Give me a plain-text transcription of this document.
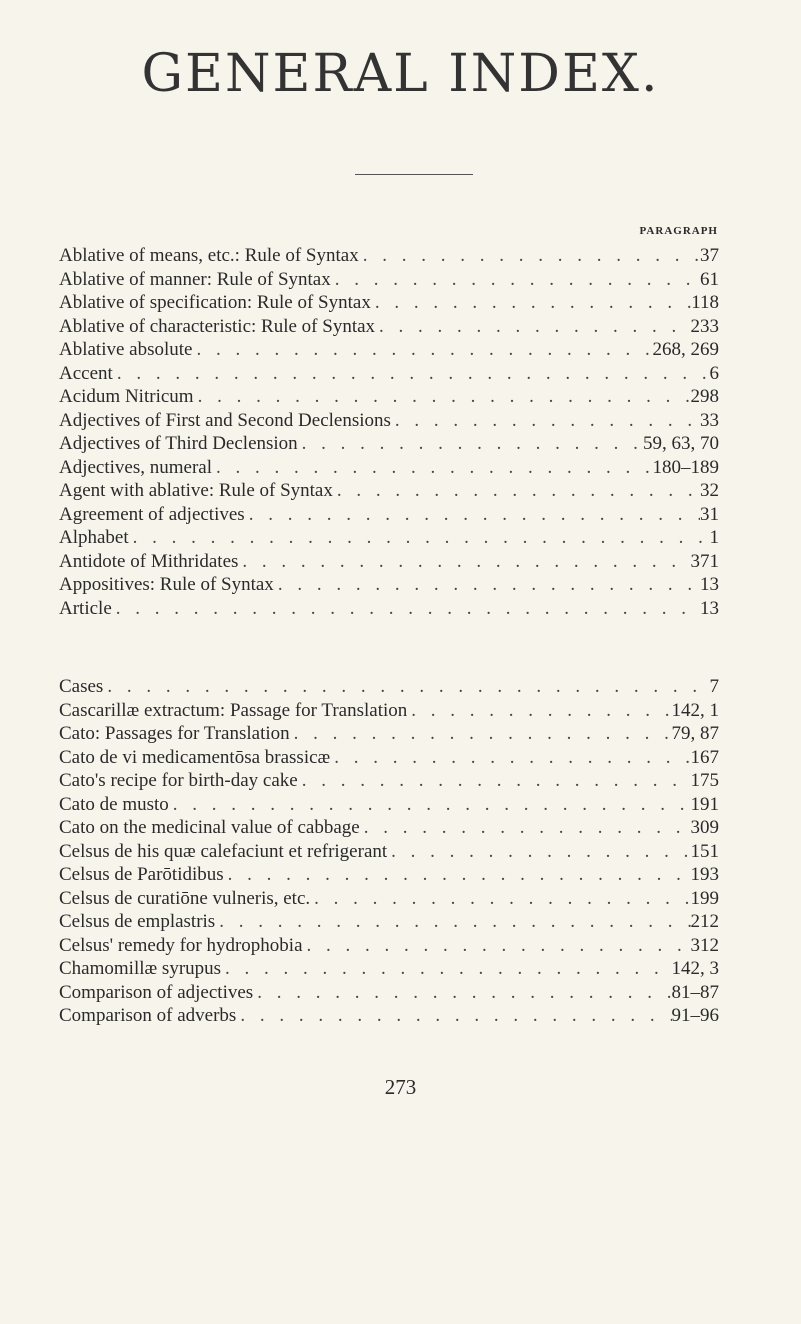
GENERAL INDEX.
PARAGRAPH
Ablative of means, etc.: Rule of Syntax . . .	37
Ablative of manner: Rule of Syntax . . .	61
Ablative of specification: Rule of Syntax . . .	118
Ablative of characteristic: Rule of Syntax . . .	233
Ablative absolute . . .	268, 269
Accent . . .	6
Acidum Nitricum . . .	298
Adjectives of First and Second Declensions . . .	33
Adjectives of Third Declension . . .	59, 63, 70
Adjectives, numeral . . .	180–189
Agent with ablative: Rule of Syntax . . .	32
Agreement of adjectives . . .	31
Alphabet . . .	1
Antidote of Mithridates . . .	371
Appositives: Rule of Syntax . . .	13
Article . . .	13
Cases . . .	7
Cascarillæ extractum: Passage for Translation . . .	142, 1
Cato: Passages for Translation . . .	79, 87
Cato de vi medicamentōsa brassicæ . . .	167
Cato's recipe for birth-day cake . . .	175
Cato de musto . . .	191
Cato on the medicinal value of cabbage . . .	309
Celsus de his quæ calefaciunt et refrigerant . . .	151
Celsus de Parōtidibus . . .	193
Celsus de curatiōne vulneris, etc. . . .	199
Celsus de emplastris . . .	212
Celsus' remedy for hydrophobia . . .	312
Chamomillæ syrupus . . .	142, 3
Comparison of adjectives . . .	81–87
Comparison of adverbs . . .	91–96
273
